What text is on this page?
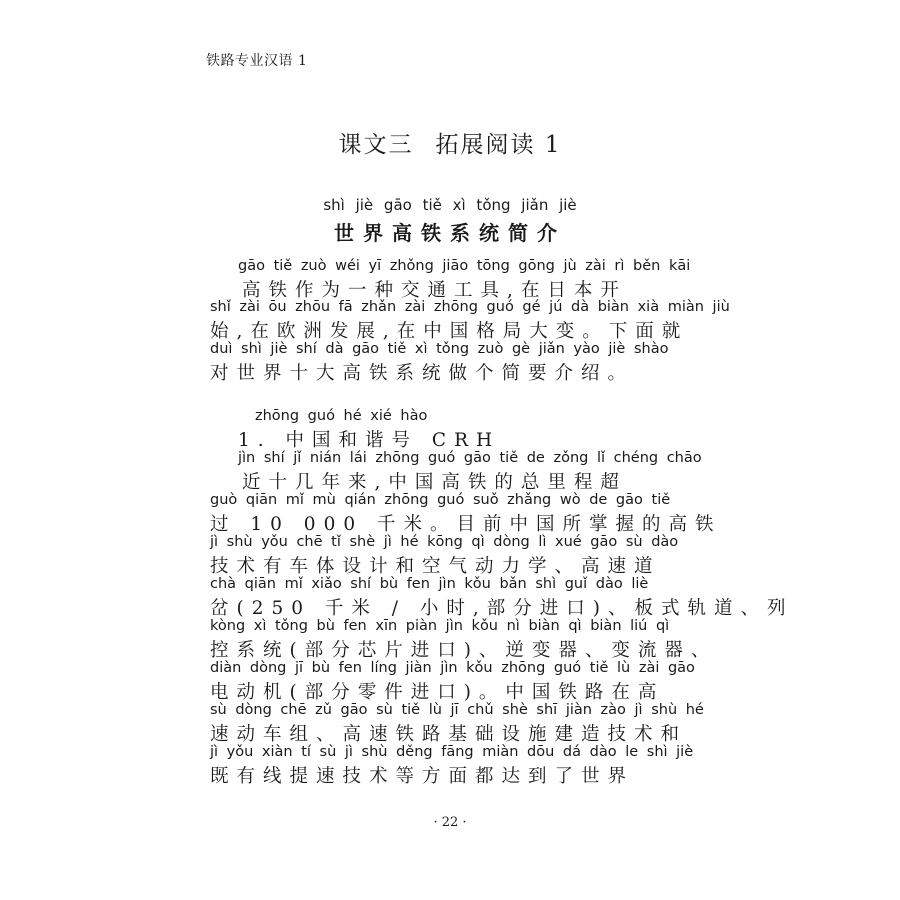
铁路专业汉语 1
课文三 拓展阅读 1
shì jiè gāo tiě xì tǒng jiǎn jiè
世界高铁系统简介
gāo tiě zuò wéi yī zhǒng jiāo tōng gōng jù zài rì běn kāi
高铁作为一种交通工具,在日本开
shǐ zài ōu zhōu fā zhǎn zài zhōng guó gé jú dà biàn xià miàn jiù
始,在欧洲发展,在中国格局大变。下面就
duì shì jiè shí dà gāo tiě xì tǒng zuò gè jiǎn yào jiè shào
对世界十大高铁系统做个简要介绍。
zhōng guó hé xié hào
1. 中国和谐号 CRH
jìn shí jǐ nián lái zhōng guó gāo tiě de zǒng lǐ chéng chāo
近十几年来,中国高铁的总里程超
guò qiān mǐ mù qián zhōng guó suǒ zhǎng wò de gāo tiě
过 10 000 千米。目前中国所掌握的高铁
jì shù yǒu chē tǐ shè jì hé kōng qì dòng lì xué gāo sù dào
技术有车体设计和空气动力学、高速道
chà qiān mǐ xiǎo shí bù fen jìn kǒu bǎn shì guǐ dào liè
岔(250 千米 / 小时,部分进口)、板式轨道、列
kòng xì tǒng bù fen xīn piàn jìn kǒu nì biàn qì biàn liú qì
控系统(部分芯片进口)、逆变器、变流器、
diàn dòng jī bù fen líng jiàn jìn kǒu zhōng guó tiě lù zài gāo
电动机(部分零件进口)。中国铁路在高
sù dòng chē zǔ gāo sù tiě lù jī chǔ shè shī jiàn zào jì shù hé
速动车组、高速铁路基础设施建造技术和
jì yǒu xiàn tí sù jì shù děng fāng miàn dōu dá dào le shì jiè
既有线提速技术等方面都达到了世界
· 22 ·
